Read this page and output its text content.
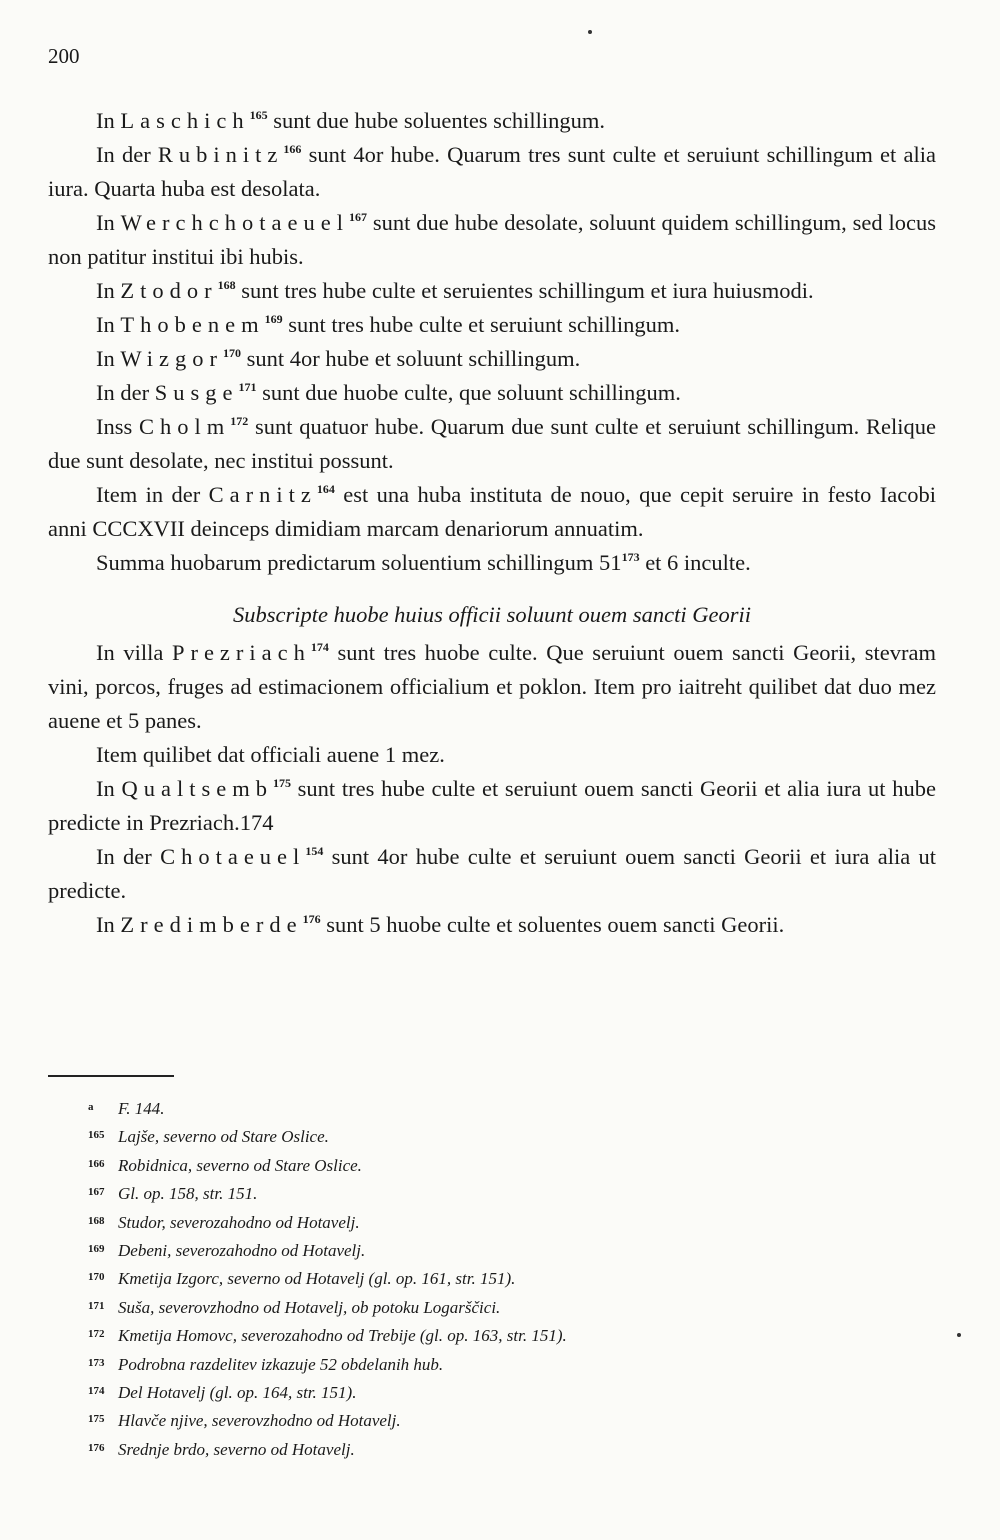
200

In Laschich$^{165}$ sunt due hube soluentes schillingum.

In der Rubinitz$^{166}$ sunt 4or hube. Quarum tres sunt culte et seruiunt schillingum et alia iura. Quarta huba est desolata.

In Werchchotaeuel$^{167}$ sunt due hube desolate, soluunt quidem schillingum, sed locus non patitur institui ibi hubis.

In Ztodor$^{168}$ sunt tres hube culte et seruientes schillingum et iura huiusmodi.

In Thobenem$^{169}$ sunt tres hube culte et seruiunt schillingum.

In Wizgor$^{170}$ sunt 4or hube et soluunt schillingum.

In der Susge$^{171}$ sunt due huobe culte, que soluunt schillingum.

Inss Cholm$^{172}$ sunt quatuor hube. Quarum due sunt culte et seruiunt schillingum. Relique due sunt desolate, nec institui possunt.

Item in der Carnitz$^{164}$ est una huba instituta de nouo, que cepit seruire in festo Iacobi anni CCCXVII deinceps dimidiam marcam denariorum annuatim.

Summa huobarum predictarum soluentium schillingum $51^{173}$ et 6 inculte.

Subscripte huobe huius officii soluunt ouem sancti Georii

In villa Prezriach$^{174}$ sunt tres huobe culte. Que seruiunt ouem sancti Georii, stevram vini, porcos, fruges ad estimacionem officialium et poklon. Item pro iaitreht quilibet dat duo mez auene et 5 panes.

Item quilibet dat officiali auene 1 mez.

In Qualtsemb$^{175}$ sunt tres hube culte et seruiunt ouem sancti Georii et alia iura ut hube predicte in Prezriach.174

In der Chotaeuel$^{154}$ sunt 4or hube culte et seruiunt ouem sancti Georii et iura alia ut predicte.

In Zredimberde$^{176}$ sunt 5 huobe culte et soluentes ouem sancti Georii.

a F. 144.
165 Lajše, severno od Stare Oslice.
166 Robidnica, severno od Stare Oslice.
167 Gl. op. 158, str. 151.
168 Studor, severozahodno od Hotavelj.
169 Debeni, severozahodno od Hotavelj.
170 Kmetija Izgorc, severno od Hotavelj (gl. op. 161, str. 151).
171 Suša, severovzhodno od Hotavelj, ob potoku Logarščici.
172 Kmetija Homovc, severozahodno od Trebije (gl. op. 163, str. 151).
173 Podrobna razdelitev izkazuje 52 obdelanih hub.
174 Del Hotavelj (gl. op. 164, str. 151).
175 Hlavče njive, severovzhodno od Hotavelj.
176 Srednje brdo, severno od Hotavelj.
